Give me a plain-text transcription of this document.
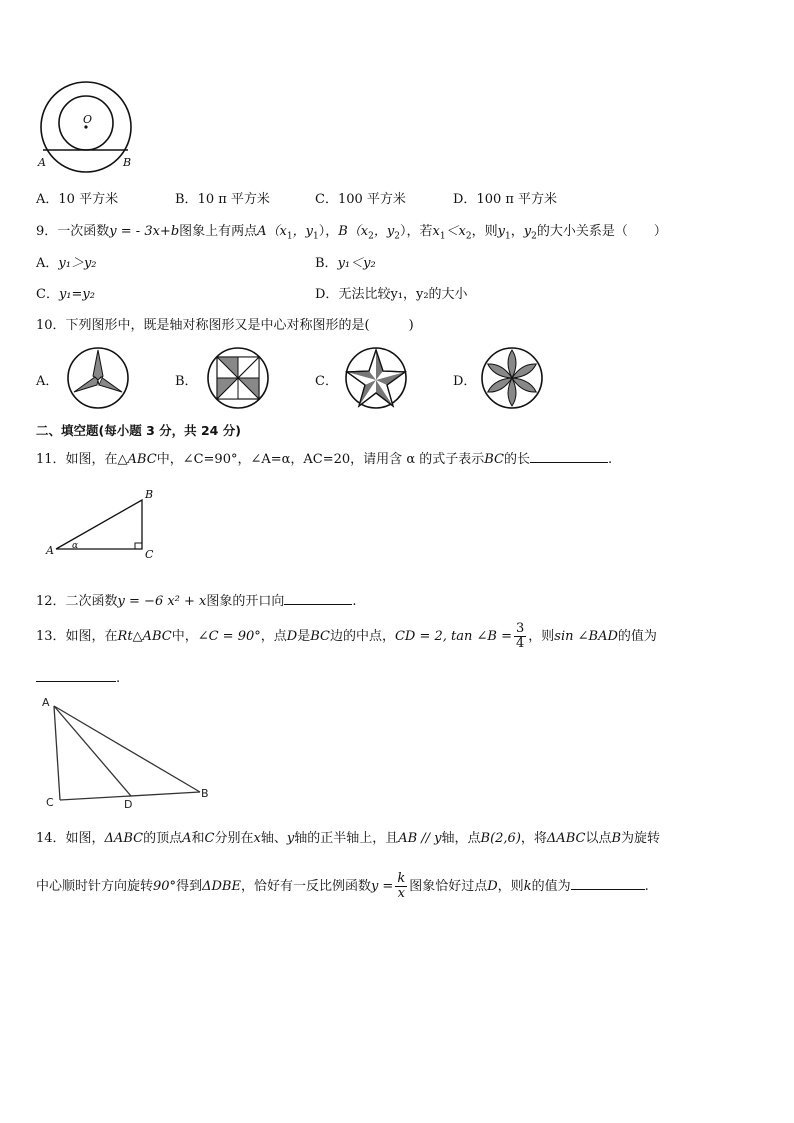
O
A	B
A．10 平方米	B．10 π 平方米	C．100 平方米	D．100 π 平方米
9．一次函数y = - 3x+b图象上有两点$A(x_1$，$y_1$），$B(x_2$，$y_2$），若$x_1<x_2$，则$y_1$，$y_2$的大小关系是（　　）
A．y₁＞y₂	B．y₁＜y₂
C．y₁=y₂	D．无法比较y₁，y₂的大小
10．下列图形中，既是轴对称图形又是中心对称图形的是(　　　)
A．	B．	C．	D．
二、填空题(每小题 3 分，共 24 分)
11．如图，在△ABC中，∠C=90°，∠A=α，AC=20，请用含 α 的式子表示BC的长	.
A
B
C
α
12．二次函数y = −6 x² + x图象的开口向	.
13．如图，在Rt△ABC中，∠C = 90°，点D是BC边的中点，CD = 2, tan ∠B = $\frac{3}{4}$ ，则sin ∠BAD的值为
.
A
C	D
B
14．如图，ΔABC的顶点A和C分别在x轴、y轴的正半轴上，且AB // y轴，点B(2,6)，将ΔABC以点B为旋转
中心顺时针方向旋转90°得到ΔDBE，恰好有一反比例函数$y = \frac{k}{x}$ 图象恰好过点D，则k的值为	.
